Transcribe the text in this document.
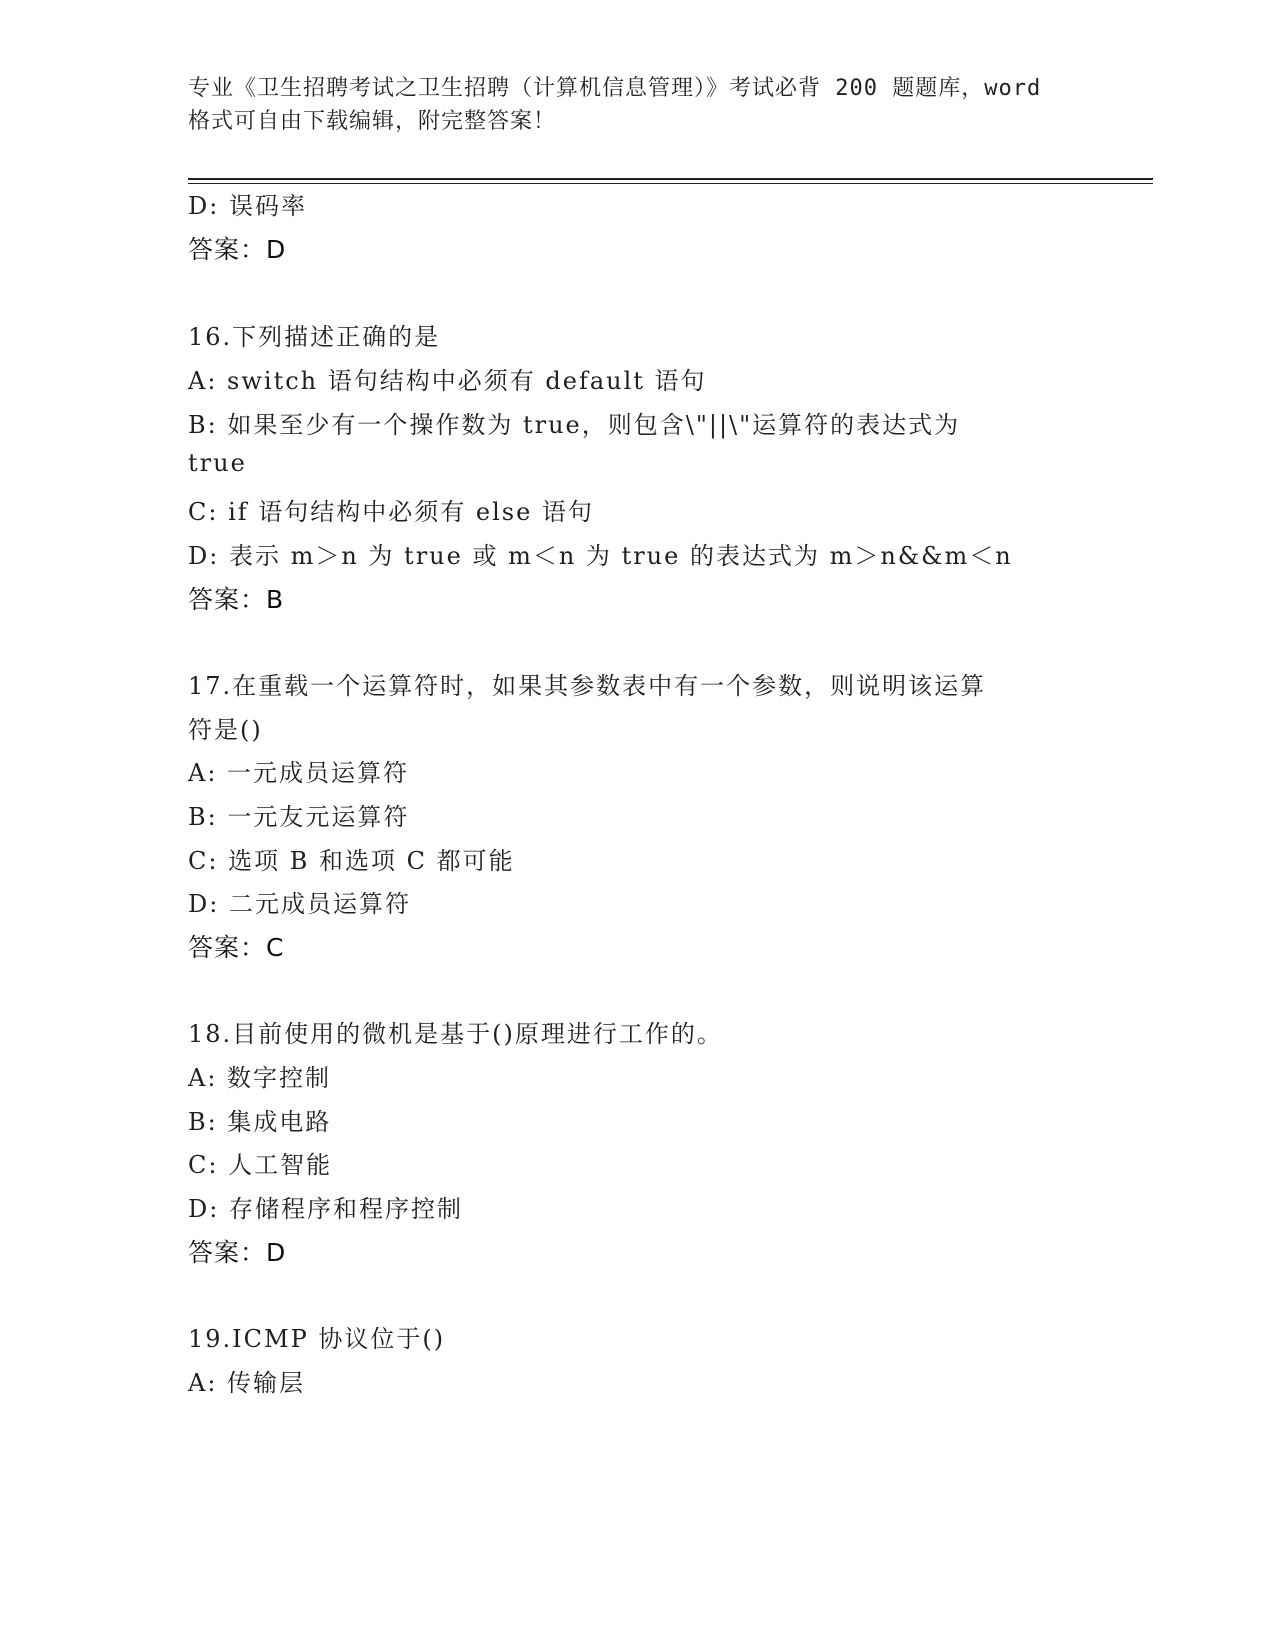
专业《卫生招聘考试之卫生招聘（计算机信息管理）》考试必背 200 题题库，word
格式可自由下载编辑，附完整答案！
D: 误码率
答案：D
16.下列描述正确的是
A: switch 语句结构中必须有 default 语句
B: 如果至少有一个操作数为 true，则包含\"||\"运算符的表达式为
true
C: if 语句结构中必须有 else 语句
D: 表示 m＞n 为 true 或 m＜n 为 true 的表达式为 m＞n&&m＜n
答案：B
17.在重载一个运算符时，如果其参数表中有一个参数，则说明该运算
符是()
A: 一元成员运算符
B: 一元友元运算符
C: 选项 B 和选项 C 都可能
D: 二元成员运算符
答案：C
18.目前使用的微机是基于()原理进行工作的。
A: 数字控制
B: 集成电路
C: 人工智能
D: 存储程序和程序控制
答案：D
19.ICMP 协议位于()
A: 传输层
